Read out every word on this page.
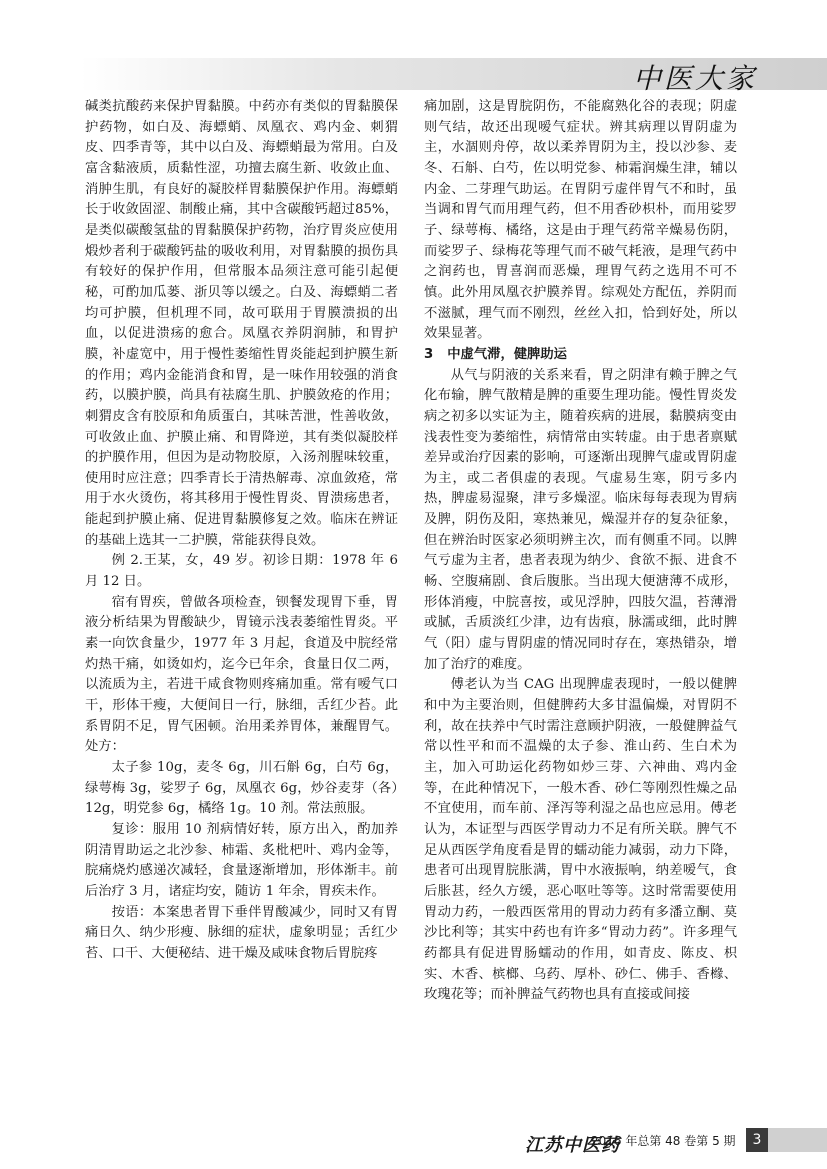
中医大家

碱类抗酸药来保护胃黏膜。中药亦有类似的胃黏膜保护药物，如白及、海螵蛸、凤凰衣、鸡内金、刺猬皮、四季青等，其中以白及、海螵蛸最为常用。白及富含黏液质，质黏性涩，功擅去腐生新、收敛止血、消肿生肌，有良好的凝胶样胃黏膜保护作用。海螵蛸长于收敛固涩、制酸止痛，其中含碳酸钙超过85%，是类似碳酸氢盐的胃黏膜保护药物，治疗胃炎应使用煅炒者利于碳酸钙盐的吸收利用，对胃黏膜的损伤具有较好的保护作用，但常服本品须注意可能引起便秘，可酌加瓜蒌、浙贝等以缓之。白及、海螵蛸二者均可护膜，但机理不同，故可联用于胃膜溃损的出血，以促进溃疡的愈合。凤凰衣养阴润肺，和胃护膜，补虚宽中，用于慢性萎缩性胃炎能起到护膜生新的作用；鸡内金能消食和胃，是一味作用较强的消食药，以膜护膜，尚具有祛腐生肌、护膜敛疮的作用；刺猬皮含有胶原和角质蛋白，其味苦泄，性善收敛，可收敛止血、护膜止痛、和胃降逆，其有类似凝胶样的护膜作用，但因为是动物胶原，入汤剂腥味较重，使用时应注意；四季青长于清热解毒、凉血敛疮，常用于水火烫伤，将其移用于慢性胃炎、胃溃疡患者，能起到护膜止痛、促进胃黏膜修复之效。临床在辨证的基础上选其一二护膜，常能获得良效。

例 2.王某，女，49 岁。初诊日期：1978 年 6 月 12 日。

宿有胃疾，曾做各项检查，钡餐发现胃下垂，胃液分析结果为胃酸缺少，胃镜示浅表萎缩性胃炎。平素一向饮食量少，1977 年 3 月起，食道及中脘经常灼热干痛，如烫如灼，迄今已年余，食量日仅二两，以流质为主，若进干咸食物则疼痛加重。常有嗳气口干，形体干瘦，大便间日一行，脉细，舌红少苔。此系胃阴不足，胃气困顿。治用柔养胃体，兼醒胃气。处方：

太子参 10g，麦冬 6g，川石斛 6g，白芍 6g，绿萼梅 3g，娑罗子 6g，凤凰衣 6g，炒谷麦芽（各）12g，明党参 6g，橘络 1g。10 剂。常法煎服。

复诊：服用 10 剂病情好转，原方出入，酌加养阴清胃助运之北沙参、柿霜、炙枇杷叶、鸡内金等，脘痛烧灼感递次减轻，食量逐渐增加，形体渐丰。前后治疗 3 月，诸症均安，随访 1 年余，胃疾未作。

按语：本案患者胃下垂伴胃酸减少，同时又有胃痛日久、纳少形瘦、脉细的症状，虚象明显；舌红少苔、口干、大便秘结、进干燥及咸味食物后胃脘疼

痛加剧，这是胃脘阴伤，不能腐熟化谷的表现；阴虚则气结，故还出现嗳气症状。辨其病理以胃阴虚为主，水涸则舟停，故以柔养胃阴为主，投以沙参、麦冬、石斛、白芍，佐以明党参、柿霜润燥生津，辅以内金、二芽理气助运。在胃阴亏虚伴胃气不和时，虽当调和胃气而用理气药，但不用香砂枳朴，而用娑罗子、绿萼梅、橘络，这是由于理气药常辛燥易伤阴，而娑罗子、绿梅花等理气而不破气耗液，是理气药中之润药也，胃喜润而恶燥，理胃气药之选用不可不慎。此外用凤凰衣护膜养胃。综观处方配伍，养阴而不滋腻，理气而不刚烈，丝丝入扣，恰到好处，所以效果显著。

3 中虚气滞，健脾助运

从气与阴液的关系来看，胃之阴津有赖于脾之气化布输，脾气散精是脾的重要生理功能。慢性胃炎发病之初多以实证为主，随着疾病的进展，黏膜病变由浅表性变为萎缩性，病情常由实转虚。由于患者禀赋差异或治疗因素的影响，可逐渐出现脾气虚或胃阴虚为主，或二者俱虚的表现。气虚易生寒，阴亏多内热，脾虚易湿聚，津亏多燥涩。临床每每表现为胃病及脾，阴伤及阳，寒热兼见，燥湿并存的复杂征象，但在辨治时医家必须明辨主次，而有侧重不同。以脾气亏虚为主者，患者表现为纳少、食欲不振、进食不畅、空腹痛剧、食后腹胀。当出现大便溏薄不成形，形体消瘦，中脘喜按，或见浮肿，四肢欠温，苔薄滑或腻，舌质淡红少津，边有齿痕，脉濡或细，此时脾气（阳）虚与胃阴虚的情况同时存在，寒热错杂，增加了治疗的难度。

傅老认为当 CAG 出现脾虚表现时，一般以健脾和中为主要治则，但健脾药大多甘温偏燥，对胃阴不利，故在扶养中气时需注意顾护阴液，一般健脾益气常以性平和而不温燥的太子参、淮山药、生白术为主，加入可助运化药物如炒三芽、六神曲、鸡内金等，在此种情况下，一般木香、砂仁等刚烈性燥之品不宜使用，而车前、泽泻等利湿之品也应忌用。傅老认为，本证型与西医学胃动力不足有所关联。脾气不足从西医学角度看是胃的蠕动能力减弱，动力下降，患者可出现胃脘胀满，胃中水液振响，纳差嗳气，食后胀甚，经久方缓，恶心呕吐等等。这时常需要使用胃动力药，一般西医常用的胃动力药有多潘立酮、莫沙比利等；其实中药也有许多“胃动力药”。许多理气药都具有促进胃肠蠕动的作用，如青皮、陈皮、枳实、木香、槟榔、乌药、厚朴、砂仁、佛手、香橼、玫瑰花等；而补脾益气药物也具有直接或间接

江苏中医药
2016 年总第 48 卷第 5 期	3
